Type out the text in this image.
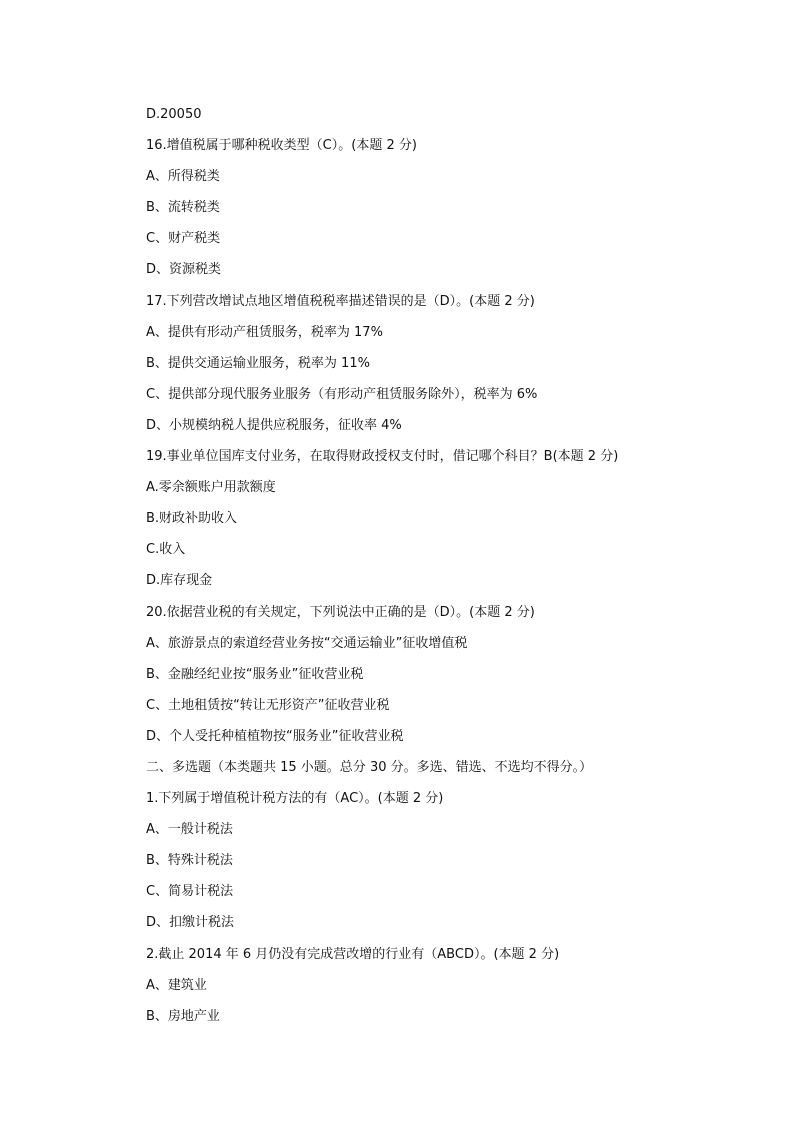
D.20050
16.增值税属于哪种税收类型（C）。(本题 2 分)
A、所得税类
B、流转税类
C、财产税类
D、资源税类
17.下列营改增试点地区增值税税率描述错误的是（D）。(本题 2 分)
A、提供有形动产租赁服务，税率为 17%
B、提供交通运输业服务，税率为 11%
C、提供部分现代服务业服务（有形动产租赁服务除外），税率为 6%
D、小规模纳税人提供应税服务，征收率 4%
19.事业单位国库支付业务，在取得财政授权支付时，借记哪个科目？B(本题 2 分)
A.零余额账户用款额度
B.财政补助收入
C.收入
D.库存现金
20.依据营业税的有关规定，下列说法中正确的是（D）。(本题 2 分)
A、旅游景点的索道经营业务按“交通运输业”征收增值税
B、金融经纪业按“服务业”征收营业税
C、土地租赁按“转让无形资产”征收营业税
D、个人受托种植植物按“服务业”征收营业税
二、多选题（本类题共 15 小题。总分 30 分。多选、错选、不选均不得分。）
1.下列属于增值税计税方法的有（AC）。(本题 2 分)
A、一般计税法
B、特殊计税法
C、简易计税法
D、扣缴计税法
2.截止 2014 年 6 月仍没有完成营改增的行业有（ABCD）。(本题 2 分)
A、建筑业
B、房地产业
